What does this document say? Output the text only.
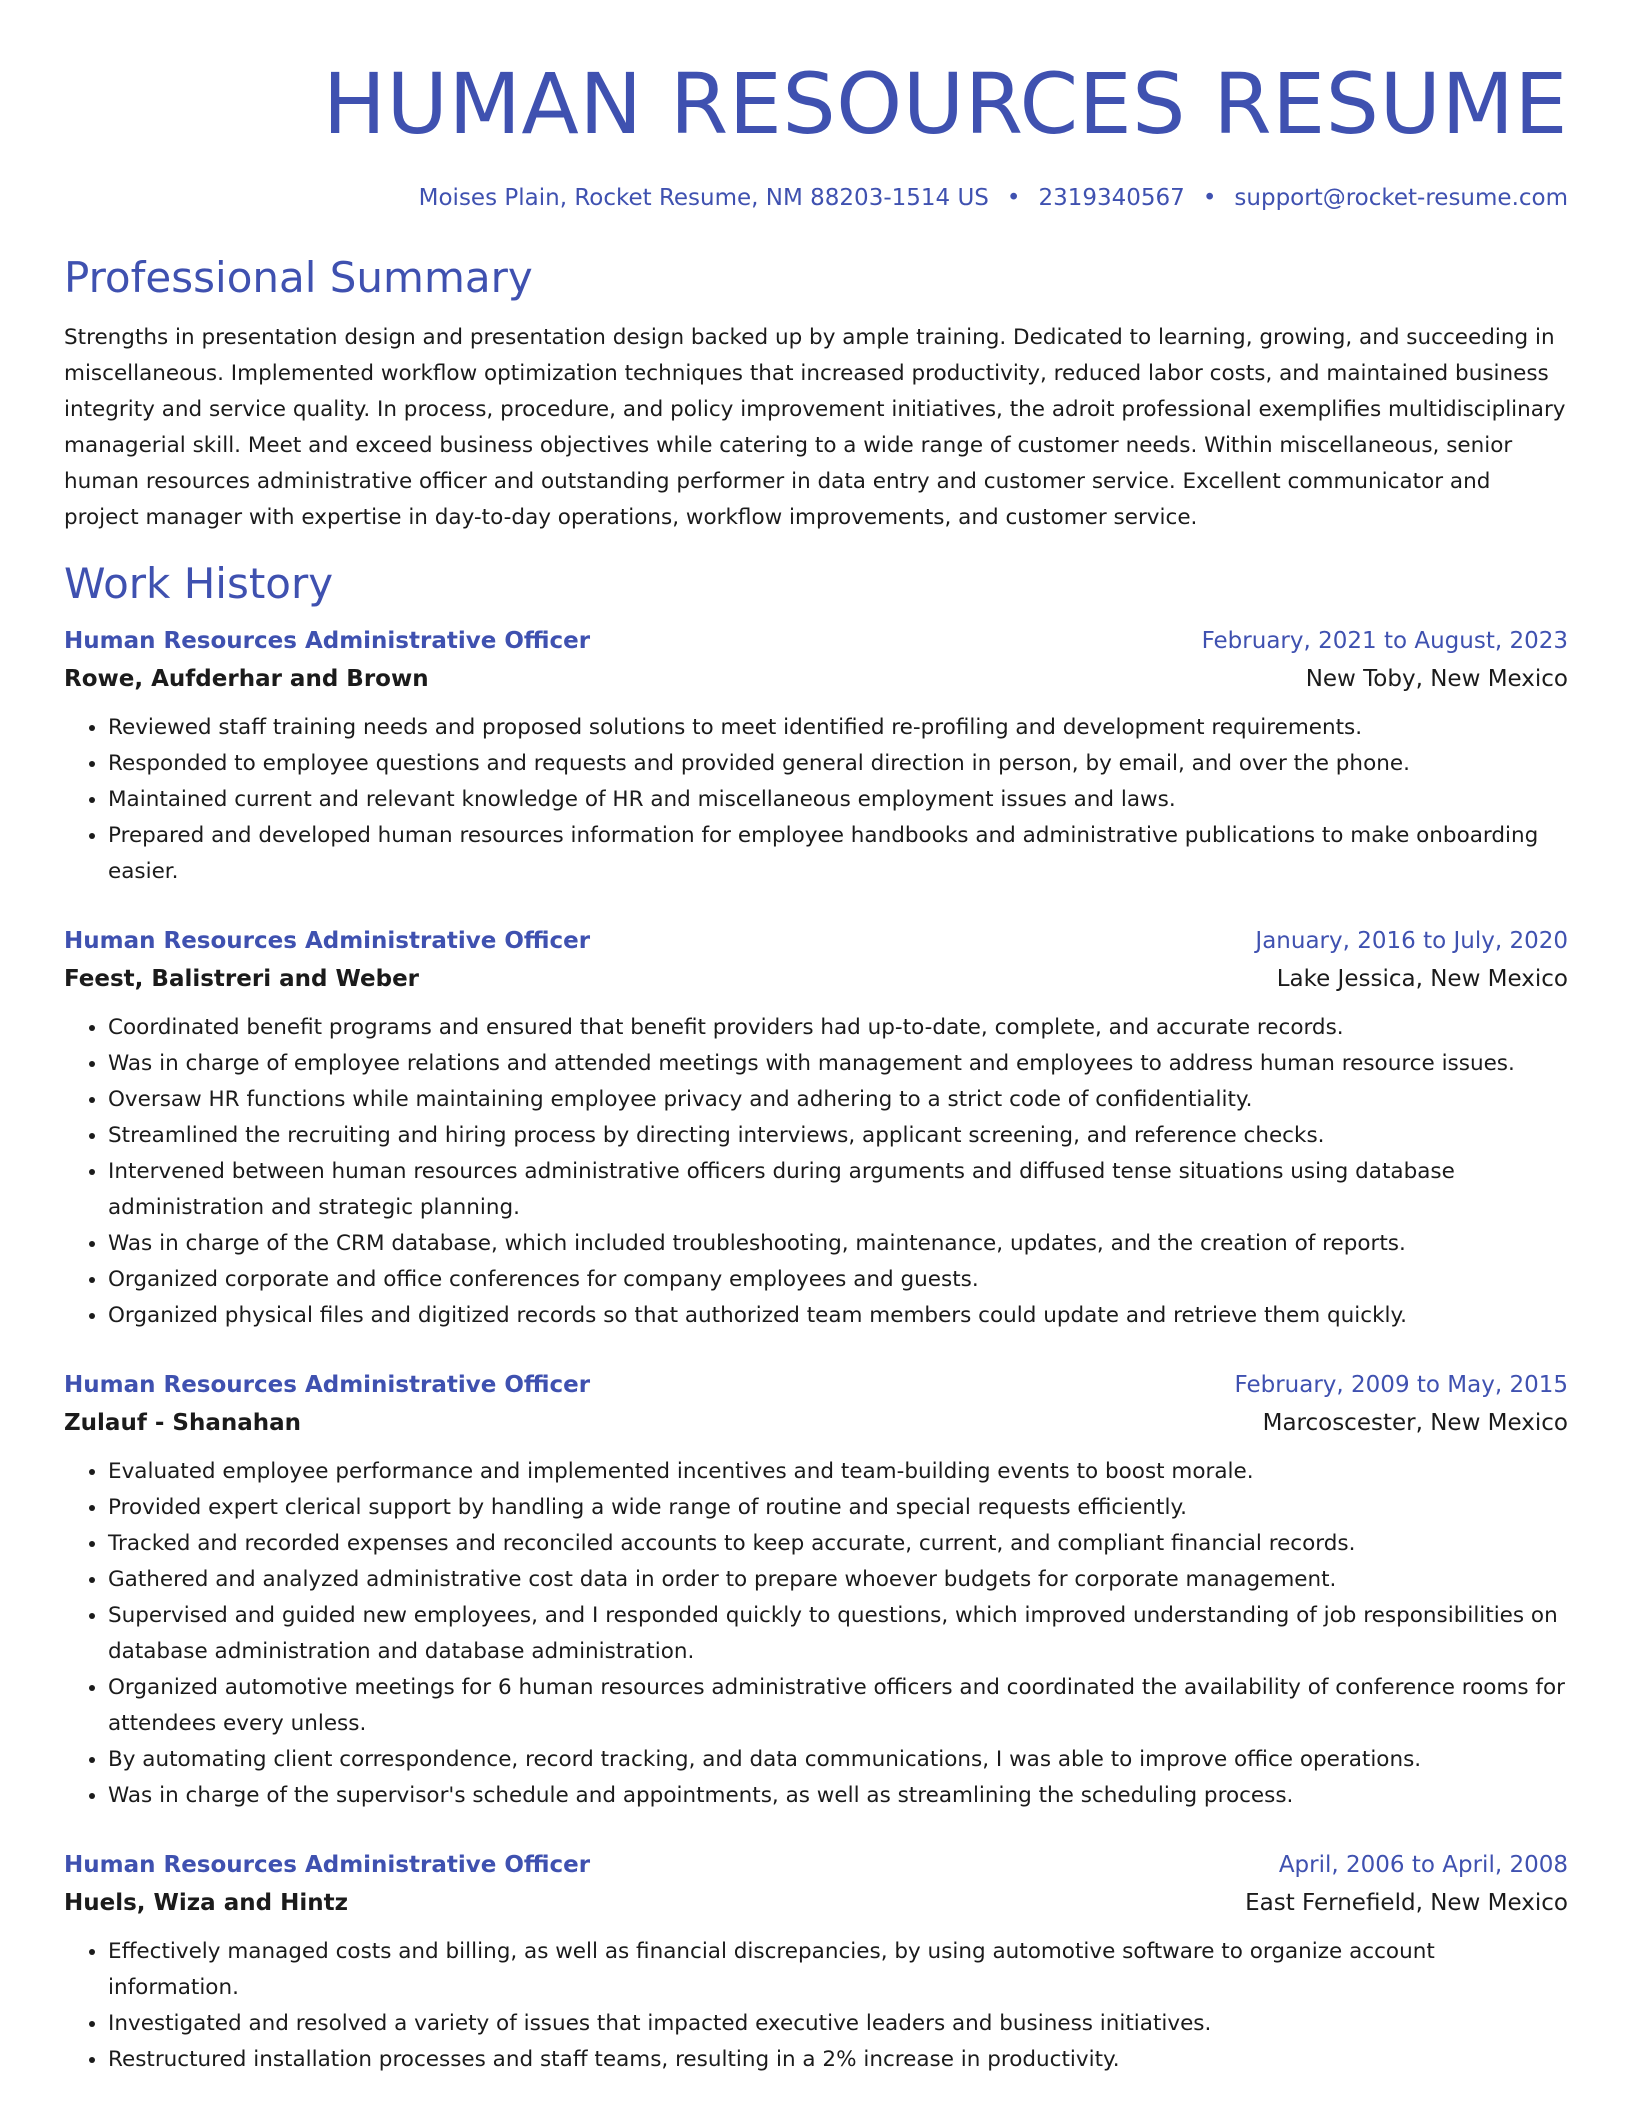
HUMAN RESOURCES RESUME
Moises Plain, Rocket Resume, NM 88203-1514 US • 2319340567 • support@rocket-resume.com
Professional Summary
Strengths in presentation design and presentation design backed up by ample training. Dedicated to learning, growing, and succeeding in miscellaneous. Implemented workflow optimization techniques that increased productivity, reduced labor costs, and maintained business integrity and service quality. In process, procedure, and policy improvement initiatives, the adroit professional exemplifies multidisciplinary managerial skill. Meet and exceed business objectives while catering to a wide range of customer needs. Within miscellaneous, senior human resources administrative officer and outstanding performer in data entry and customer service. Excellent communicator and project manager with expertise in day-to-day operations, workflow improvements, and customer service.
Work History
Human Resources Administrative Officer	February, 2021 to August, 2023
Rowe, Aufderhar and Brown	New Toby, New Mexico
• Reviewed staff training needs and proposed solutions to meet identified re-profiling and development requirements.
• Responded to employee questions and requests and provided general direction in person, by email, and over the phone.
• Maintained current and relevant knowledge of HR and miscellaneous employment issues and laws.
• Prepared and developed human resources information for employee handbooks and administrative publications to make onboarding easier.
Human Resources Administrative Officer	January, 2016 to July, 2020
Feest, Balistreri and Weber	Lake Jessica, New Mexico
• Coordinated benefit programs and ensured that benefit providers had up-to-date, complete, and accurate records.
• Was in charge of employee relations and attended meetings with management and employees to address human resource issues.
• Oversaw HR functions while maintaining employee privacy and adhering to a strict code of confidentiality.
• Streamlined the recruiting and hiring process by directing interviews, applicant screening, and reference checks.
• Intervened between human resources administrative officers during arguments and diffused tense situations using database administration and strategic planning.
• Was in charge of the CRM database, which included troubleshooting, maintenance, updates, and the creation of reports.
• Organized corporate and office conferences for company employees and guests.
• Organized physical files and digitized records so that authorized team members could update and retrieve them quickly.
Human Resources Administrative Officer	February, 2009 to May, 2015
Zulauf - Shanahan	Marcoscester, New Mexico
• Evaluated employee performance and implemented incentives and team-building events to boost morale.
• Provided expert clerical support by handling a wide range of routine and special requests efficiently.
• Tracked and recorded expenses and reconciled accounts to keep accurate, current, and compliant financial records.
• Gathered and analyzed administrative cost data in order to prepare whoever budgets for corporate management.
• Supervised and guided new employees, and I responded quickly to questions, which improved understanding of job responsibilities on database administration and database administration.
• Organized automotive meetings for 6 human resources administrative officers and coordinated the availability of conference rooms for attendees every unless.
• By automating client correspondence, record tracking, and data communications, I was able to improve office operations.
• Was in charge of the supervisor's schedule and appointments, as well as streamlining the scheduling process.
Human Resources Administrative Officer	April, 2006 to April, 2008
Huels, Wiza and Hintz	East Fernefield, New Mexico
• Effectively managed costs and billing, as well as financial discrepancies, by using automotive software to organize account information.
• Investigated and resolved a variety of issues that impacted executive leaders and business initiatives.
• Restructured installation processes and staff teams, resulting in a 2% increase in productivity.
